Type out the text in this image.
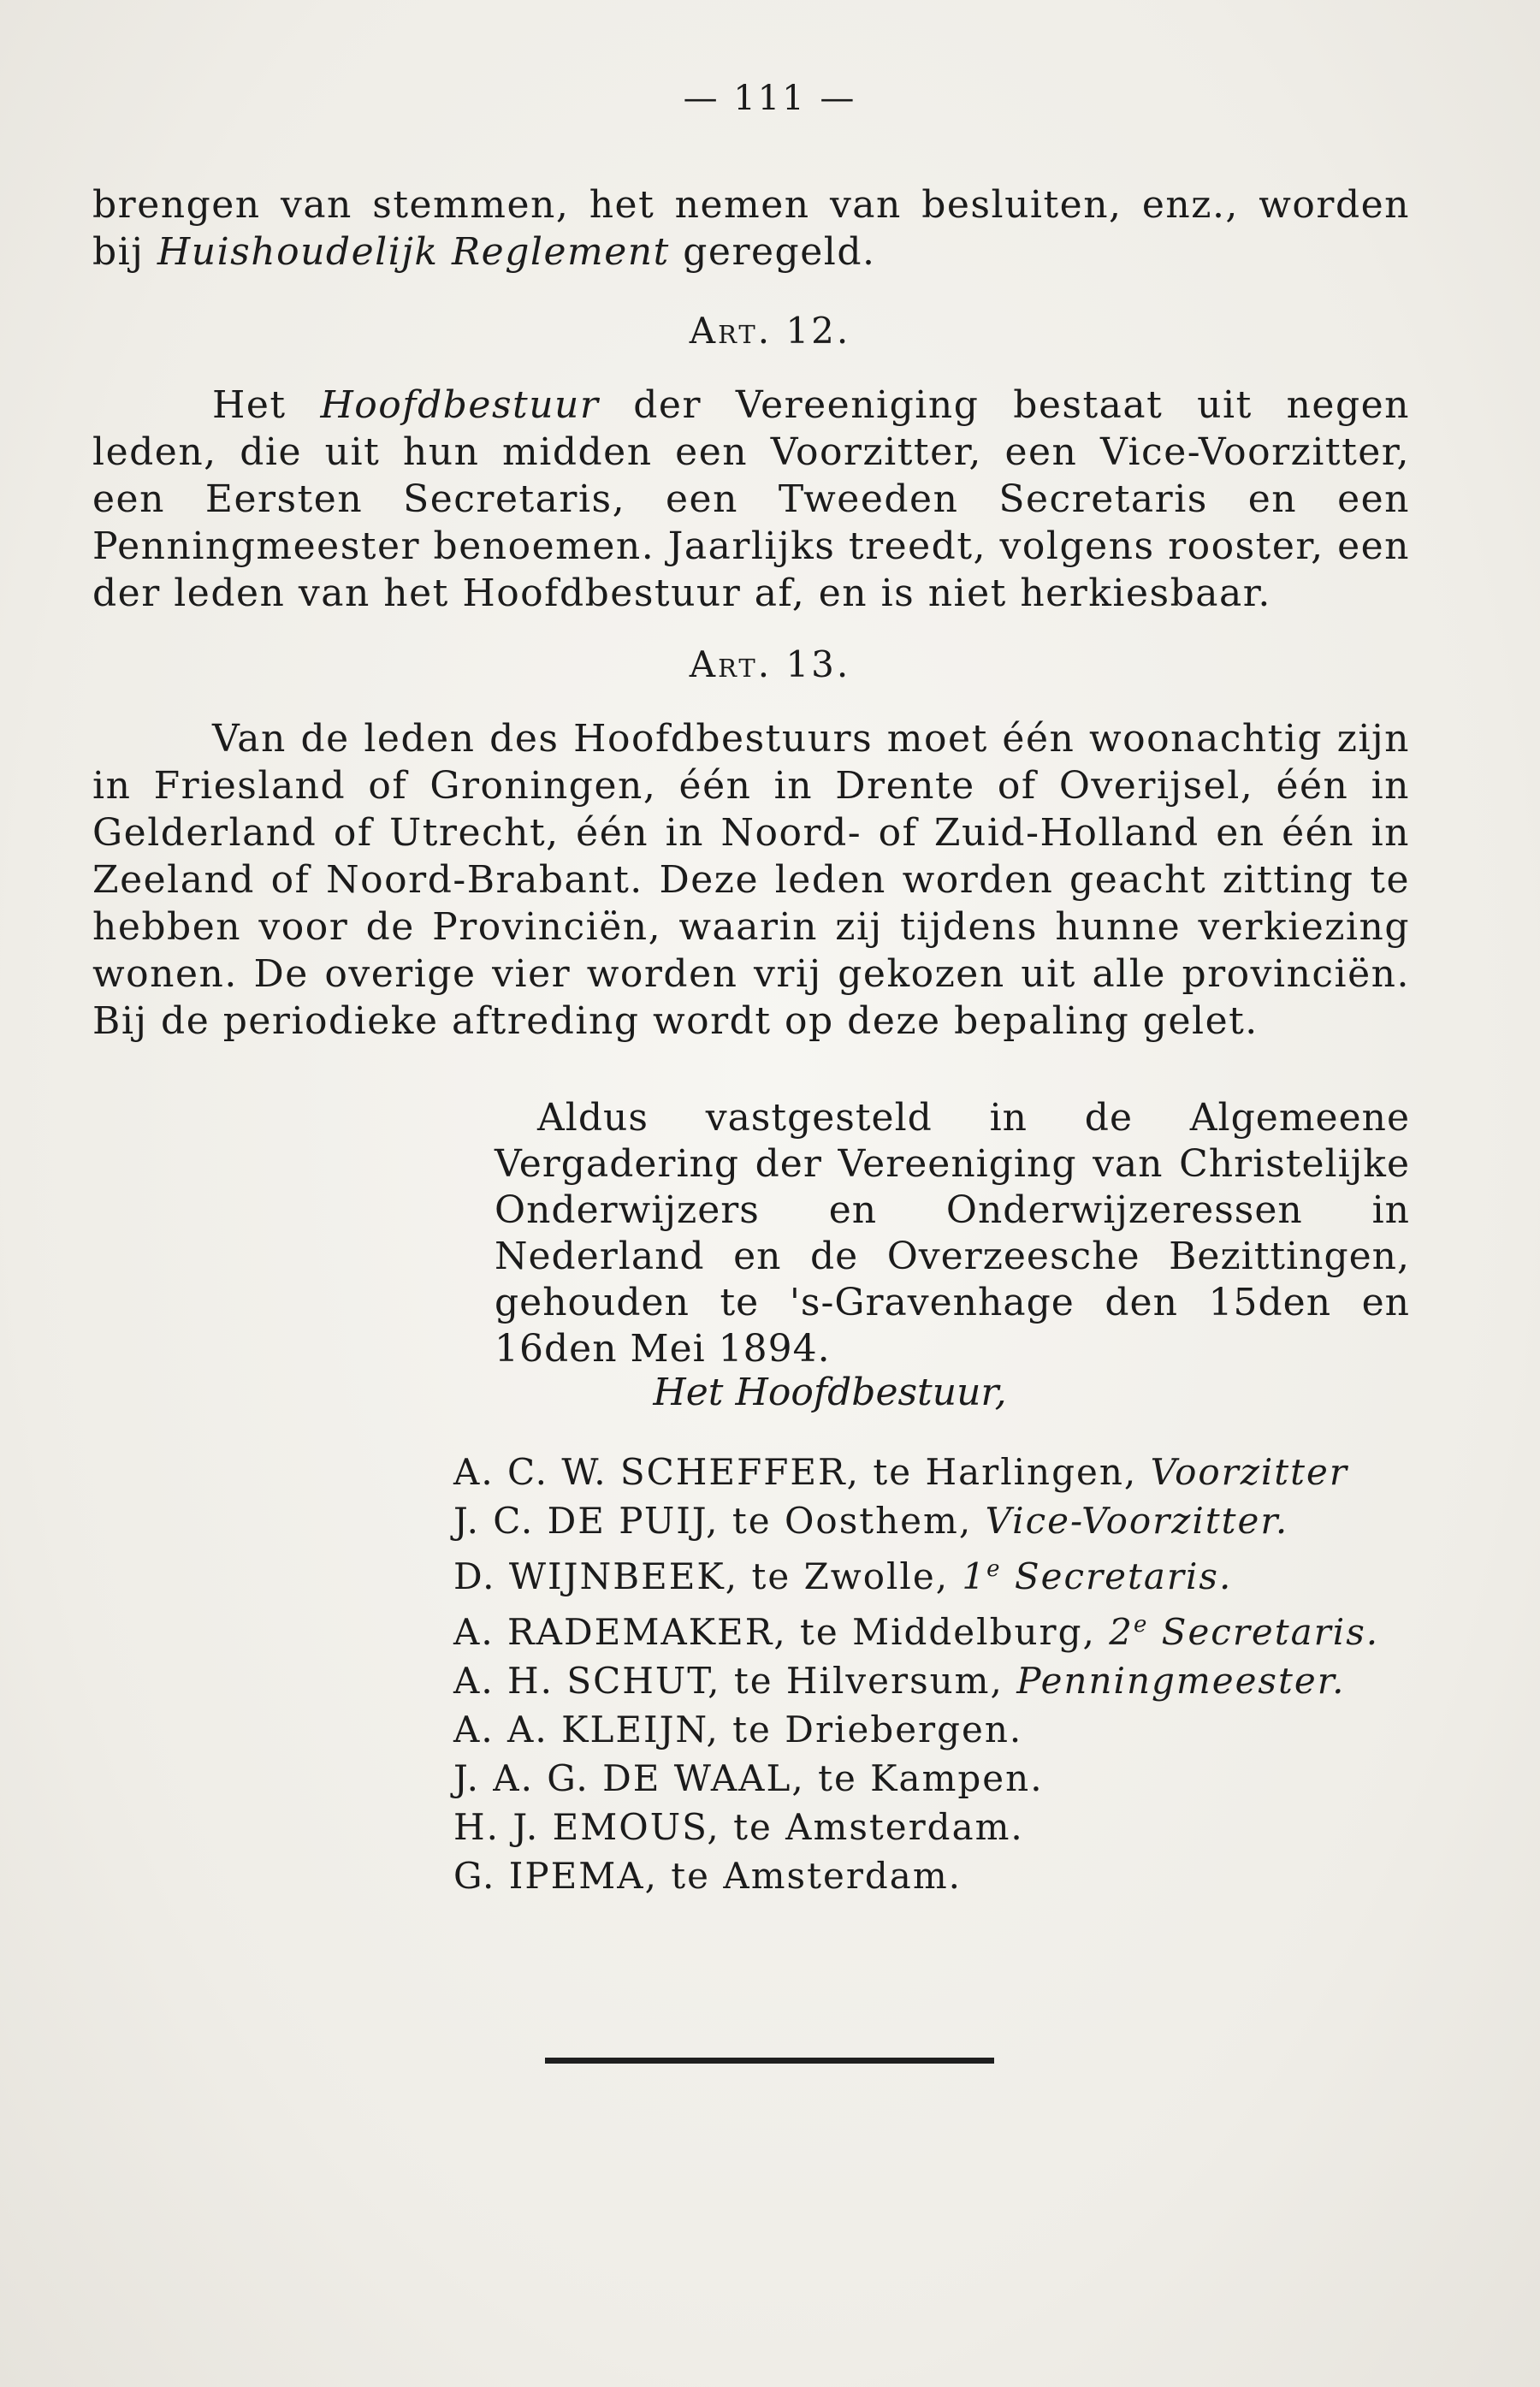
— 111 —

brengen van stemmen, het nemen van besluiten, enz., worden bij Huishoudelijk Reglement geregeld.

Art. 12.

Het Hoofdbestuur der Vereeniging bestaat uit negen leden, die uit hun midden een Voorzitter, een Vice-Voorzitter, een Eersten Secretaris, een Tweeden Secretaris en een Penningmeester benoemen. Jaarlijks treedt, volgens rooster, een der leden van het Hoofdbestuur af, en is niet herkiesbaar.

Art. 13.

Van de leden des Hoofdbestuurs moet één woonachtig zijn in Friesland of Groningen, één in Drente of Overijsel, één in Gelderland of Utrecht, één in Noord- of Zuid-Holland en één in Zeeland of Noord-Brabant. Deze leden worden geacht zitting te hebben voor de Provinciën, waarin zij tijdens hunne verkiezing wonen. De overige vier worden vrij gekozen uit alle provinciën. Bij de periodieke aftreding wordt op deze bepaling gelet.

Aldus vastgesteld in de Algemeene Vergadering der Vereeniging van Christelijke Onderwijzers en Onderwijzeressen in Nederland en de Overzeesche Bezittingen, gehouden te 's-Gravenhage den 15den en 16den Mei 1894.

Het Hoofdbestuur,
A. C. W. SCHEFFER, te Harlingen, Voorzitter
J. C. DE PUIJ, te Oosthem, Vice-Voorzitter.
D. WIJNBEEK, te Zwolle, 1e Secretaris.
A. RADEMAKER, te Middelburg, 2e Secretaris.
A. H. SCHUT, te Hilversum, Penningmeester.
A. A. KLEIJN, te Driebergen.
J. A. G. DE WAAL, te Kampen.
H. J. EMOUS, te Amsterdam.
G. IPEMA, te Amsterdam.
